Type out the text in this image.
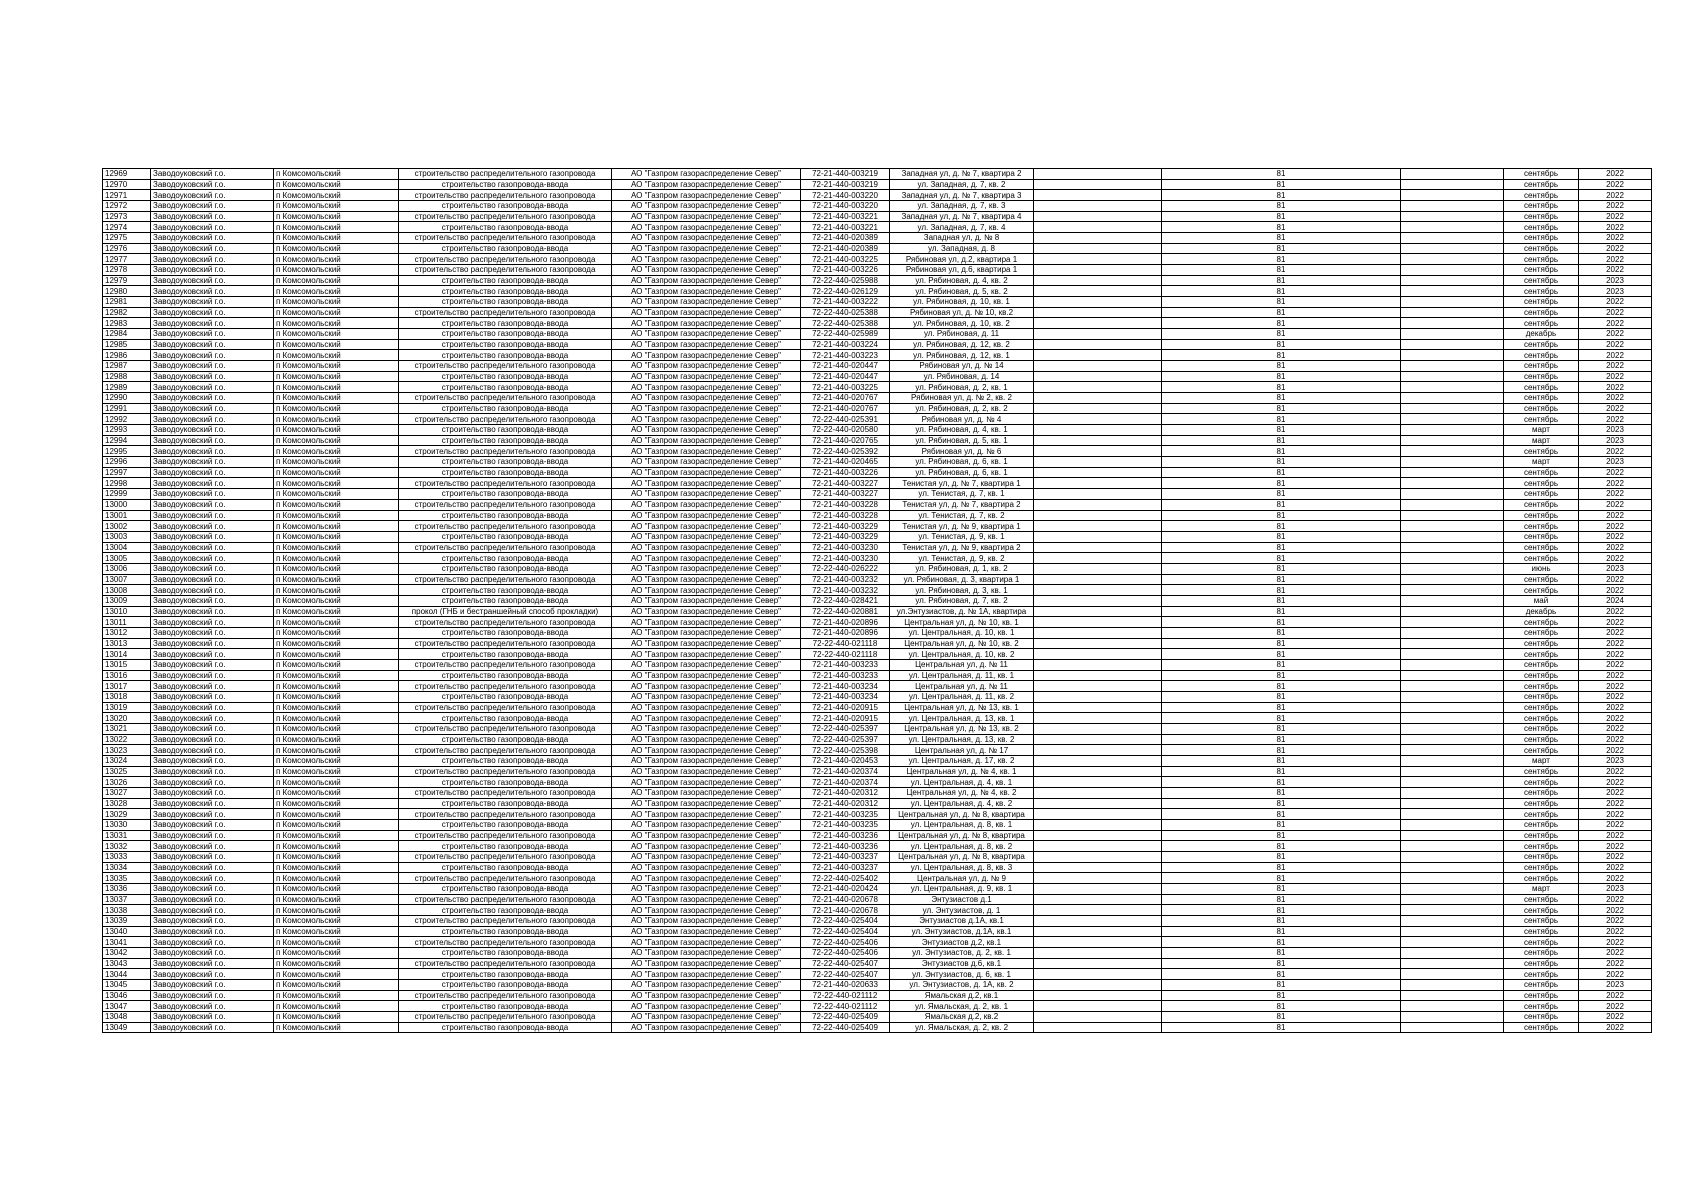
12969	Заводоуковский г.о.	п Комсомольский	строительство распределительного газопровода	АО "Газпром газораспределение Север"	72-21-440-003219	Западная ул, д. № 7, квартира 2		81		сентябрь	2022
12970	Заводоуковский г.о.	п Комсомольский	строительство газопровода-ввода	АО "Газпром газораспределение Север"	72-21-440-003219	ул. Западная, д. 7, кв. 2		81		сентябрь	2022
12971	Заводоуковский г.о.	п Комсомольский	строительство распределительного газопровода	АО "Газпром газораспределение Север"	72-21-440-003220	Западная ул, д. № 7, квартира 3		81		сентябрь	2022
12972	Заводоуковский г.о.	п Комсомольский	строительство газопровода-ввода	АО "Газпром газораспределение Север"	72-21-440-003220	ул. Западная, д. 7, кв. 3		81		сентябрь	2022
12973	Заводоуковский г.о.	п Комсомольский	строительство распределительного газопровода	АО "Газпром газораспределение Север"	72-21-440-003221	Западная ул, д. № 7, квартира 4		81		сентябрь	2022
12974	Заводоуковский г.о.	п Комсомольский	строительство газопровода-ввода	АО "Газпром газораспределение Север"	72-21-440-003221	ул. Западная, д. 7, кв. 4		81		сентябрь	2022
12975	Заводоуковский г.о.	п Комсомольский	строительство распределительного газопровода	АО "Газпром газораспределение Север"	72-21-440-020389	Западная ул, д. № 8		81		сентябрь	2022
12976	Заводоуковский г.о.	п Комсомольский	строительство газопровода-ввода	АО "Газпром газораспределение Север"	72-21-440-020389	ул. Западная, д. 8		81		сентябрь	2022
12977	Заводоуковский г.о.	п Комсомольский	строительство распределительного газопровода	АО "Газпром газораспределение Север"	72-21-440-003225	Рябиновая ул, д.2, квартира 1		81		сентябрь	2022
12978	Заводоуковский г.о.	п Комсомольский	строительство распределительного газопровода	АО "Газпром газораспределение Север"	72-21-440-003226	Рябиновая ул, д.6, квартира 1		81		сентябрь	2022
12979	Заводоуковский г.о.	п Комсомольский	строительство газопровода-ввода	АО "Газпром газораспределение Север"	72-22-440-025988	ул. Рябиновая, д. 4, кв. 2		81		сентябрь	2023
12980	Заводоуковский г.о.	п Комсомольский	строительство газопровода-ввода	АО "Газпром газораспределение Север"	72-22-440-026129	ул. Рябиновая, д. 5, кв. 2		81		сентябрь	2023
12981	Заводоуковский г.о.	п Комсомольский	строительство газопровода-ввода	АО "Газпром газораспределение Север"	72-21-440-003222	ул. Рябиновая, д. 10, кв. 1		81		сентябрь	2022
12982	Заводоуковский г.о.	п Комсомольский	строительство распределительного газопровода	АО "Газпром газораспределение Север"	72-22-440-025388	Рябиновая ул, д. № 10, кв.2		81		сентябрь	2022
12983	Заводоуковский г.о.	п Комсомольский	строительство газопровода-ввода	АО "Газпром газораспределение Север"	72-22-440-025388	ул. Рябиновая, д. 10, кв. 2		81		сентябрь	2022
12984	Заводоуковский г.о.	п Комсомольский	строительство газопровода-ввода	АО "Газпром газораспределение Север"	72-22-440-025989	ул. Рябиновая, д. 11		81		декабрь	2022
12985	Заводоуковский г.о.	п Комсомольский	строительство газопровода-ввода	АО "Газпром газораспределение Север"	72-21-440-003224	ул. Рябиновая, д. 12, кв. 2		81		сентябрь	2022
12986	Заводоуковский г.о.	п Комсомольский	строительство газопровода-ввода	АО "Газпром газораспределение Север"	72-21-440-003223	ул. Рябиновая, д. 12, кв. 1		81		сентябрь	2022
12987	Заводоуковский г.о.	п Комсомольский	строительство распределительного газопровода	АО "Газпром газораспределение Север"	72-21-440-020447	Рябиновая ул, д. № 14		81		сентябрь	2022
12988	Заводоуковский г.о.	п Комсомольский	строительство газопровода-ввода	АО "Газпром газораспределение Север"	72-21-440-020447	ул. Рябиновая, д. 14		81		сентябрь	2022
12989	Заводоуковский г.о.	п Комсомольский	строительство газопровода-ввода	АО "Газпром газораспределение Север"	72-21-440-003225	ул. Рябиновая, д. 2, кв. 1		81		сентябрь	2022
12990	Заводоуковский г.о.	п Комсомольский	строительство распределительного газопровода	АО "Газпром газораспределение Север"	72-21-440-020767	Рябиновая ул, д. № 2, кв. 2		81		сентябрь	2022
12991	Заводоуковский г.о.	п Комсомольский	строительство газопровода-ввода	АО "Газпром газораспределение Север"	72-21-440-020767	ул. Рябиновая, д. 2, кв. 2		81		сентябрь	2022
12992	Заводоуковский г.о.	п Комсомольский	строительство распределительного газопровода	АО "Газпром газораспределение Север"	72-22-440-025391	Рябиновая ул, д. № 4		81		сентябрь	2022
12993	Заводоуковский г.о.	п Комсомольский	строительство газопровода-ввода	АО "Газпром газораспределение Север"	72-22-440-020580	ул. Рябиновая, д. 4, кв. 1		81		март	2023
12994	Заводоуковский г.о.	п Комсомольский	строительство газопровода-ввода	АО "Газпром газораспределение Север"	72-21-440-020765	ул. Рябиновая, д. 5, кв. 1		81		март	2023
12995	Заводоуковский г.о.	п Комсомольский	строительство распределительного газопровода	АО "Газпром газораспределение Север"	72-22-440-025392	Рябиновая ул, д. № 6		81		сентябрь	2022
12996	Заводоуковский г.о.	п Комсомольский	строительство газопровода-ввода	АО "Газпром газораспределение Север"	72-21-440-020465	ул. Рябиновая, д. 6, кв. 1		81		март	2023
12997	Заводоуковский г.о.	п Комсомольский	строительство газопровода-ввода	АО "Газпром газораспределение Север"	72-21-440-003226	ул. Рябиновая, д. 6, кв. 1		81		сентябрь	2022
12998	Заводоуковский г.о.	п Комсомольский	строительство распределительного газопровода	АО "Газпром газораспределение Север"	72-21-440-003227	Тенистая ул, д. № 7, квартира 1		81		сентябрь	2022
12999	Заводоуковский г.о.	п Комсомольский	строительство газопровода-ввода	АО "Газпром газораспределение Север"	72-21-440-003227	ул. Тенистая, д. 7, кв. 1		81		сентябрь	2022
13000	Заводоуковский г.о.	п Комсомольский	строительство распределительного газопровода	АО "Газпром газораспределение Север"	72-21-440-003228	Тенистая ул, д. № 7, квартира 2		81		сентябрь	2022
13001	Заводоуковский г.о.	п Комсомольский	строительство газопровода-ввода	АО "Газпром газораспределение Север"	72-21-440-003228	ул. Тенистая, д. 7, кв. 2		81		сентябрь	2022
13002	Заводоуковский г.о.	п Комсомольский	строительство распределительного газопровода	АО "Газпром газораспределение Север"	72-21-440-003229	Тенистая ул, д. № 9, квартира 1		81		сентябрь	2022
13003	Заводоуковский г.о.	п Комсомольский	строительство газопровода-ввода	АО "Газпром газораспределение Север"	72-21-440-003229	ул. Тенистая, д. 9, кв. 1		81		сентябрь	2022
13004	Заводоуковский г.о.	п Комсомольский	строительство распределительного газопровода	АО "Газпром газораспределение Север"	72-21-440-003230	Тенистая ул, д. № 9, квартира 2		81		сентябрь	2022
13005	Заводоуковский г.о.	п Комсомольский	строительство газопровода-ввода	АО "Газпром газораспределение Север"	72-21-440-003230	ул. Тенистая, д. 9, кв. 2		81		сентябрь	2022
13006	Заводоуковский г.о.	п Комсомольский	строительство газопровода-ввода	АО "Газпром газораспределение Север"	72-22-440-026222	ул. Рябиновая, д. 1, кв. 2		81		июнь	2023
13007	Заводоуковский г.о.	п Комсомольский	строительство распределительного газопровода	АО "Газпром газораспределение Север"	72-21-440-003232	ул. Рябиновая, д. 3, квартира 1		81		сентябрь	2022
13008	Заводоуковский г.о.	п Комсомольский	строительство газопровода-ввода	АО "Газпром газораспределение Север"	72-21-440-003232	ул. Рябиновая, д. 3, кв. 1		81		сентябрь	2022
13009	Заводоуковский г.о.	п Комсомольский	строительство газопровода-ввода	АО "Газпром газораспределение Север"	72-22-440-028421	ул. Рябиновая, д. 7, кв. 2		81		май	2024
13010	Заводоуковский г.о.	п Комсомольский	прокол (ГНБ и бестраншейный способ прокладки)	АО "Газпром газораспределение Север"	72-22-440-020881	ул.Энтузиастов, д. № 1А, квартира		81		декабрь	2022
13011	Заводоуковский г.о.	п Комсомольский	строительство распределительного газопровода	АО "Газпром газораспределение Север"	72-21-440-020896	Центральная ул, д. № 10, кв. 1		81		сентябрь	2022
13012	Заводоуковский г.о.	п Комсомольский	строительство газопровода-ввода	АО "Газпром газораспределение Север"	72-21-440-020896	ул. Центральная, д. 10, кв. 1		81		сентябрь	2022
13013	Заводоуковский г.о.	п Комсомольский	строительство распределительного газопровода	АО "Газпром газораспределение Север"	72-22-440-021118	Центральная ул, д. № 10, кв. 2		81		сентябрь	2022
13014	Заводоуковский г.о.	п Комсомольский	строительство газопровода-ввода	АО "Газпром газораспределение Север"	72-22-440-021118	ул. Центральная, д. 10, кв. 2		81		сентябрь	2022
13015	Заводоуковский г.о.	п Комсомольский	строительство распределительного газопровода	АО "Газпром газораспределение Север"	72-21-440-003233	Центральная ул, д. № 11		81		сентябрь	2022
13016	Заводоуковский г.о.	п Комсомольский	строительство газопровода-ввода	АО "Газпром газораспределение Север"	72-21-440-003233	ул. Центральная, д. 11, кв. 1		81		сентябрь	2022
13017	Заводоуковский г.о.	п Комсомольский	строительство распределительного газопровода	АО "Газпром газораспределение Север"	72-21-440-003234	Центральная ул, д. № 11		81		сентябрь	2022
13018	Заводоуковский г.о.	п Комсомольский	строительство газопровода-ввода	АО "Газпром газораспределение Север"	72-21-440-003234	ул. Центральная, д. 11, кв. 2		81		сентябрь	2022
13019	Заводоуковский г.о.	п Комсомольский	строительство распределительного газопровода	АО "Газпром газораспределение Север"	72-21-440-020915	Центральная ул, д. № 13, кв. 1		81		сентябрь	2022
13020	Заводоуковский г.о.	п Комсомольский	строительство газопровода-ввода	АО "Газпром газораспределение Север"	72-21-440-020915	ул. Центральная, д. 13, кв. 1		81		сентябрь	2022
13021	Заводоуковский г.о.	п Комсомольский	строительство распределительного газопровода	АО "Газпром газораспределение Север"	72-22-440-025397	Центральная ул, д. № 13, кв. 2		81		сентябрь	2022
13022	Заводоуковский г.о.	п Комсомольский	строительство газопровода-ввода	АО "Газпром газораспределение Север"	72-22-440-025397	ул. Центральная, д. 13, кв. 2		81		сентябрь	2022
13023	Заводоуковский г.о.	п Комсомольский	строительство распределительного газопровода	АО "Газпром газораспределение Север"	72-22-440-025398	Центральная ул, д. № 17		81		сентябрь	2022
13024	Заводоуковский г.о.	п Комсомольский	строительство газопровода-ввода	АО "Газпром газораспределение Север"	72-21-440-020453	ул. Центральная, д. 17, кв. 2		81		март	2023
13025	Заводоуковский г.о.	п Комсомольский	строительство распределительного газопровода	АО "Газпром газораспределение Север"	72-21-440-020374	Центральная ул, д. № 4, кв. 1		81		сентябрь	2022
13026	Заводоуковский г.о.	п Комсомольский	строительство газопровода-ввода	АО "Газпром газораспределение Север"	72-21-440-020374	ул. Центральная, д. 4, кв. 1		81		сентябрь	2022
13027	Заводоуковский г.о.	п Комсомольский	строительство распределительного газопровода	АО "Газпром газораспределение Север"	72-21-440-020312	Центральная ул, д. № 4, кв. 2		81		сентябрь	2022
13028	Заводоуковский г.о.	п Комсомольский	строительство газопровода-ввода	АО "Газпром газораспределение Север"	72-21-440-020312	ул. Центральная, д. 4, кв. 2		81		сентябрь	2022
13029	Заводоуковский г.о.	п Комсомольский	строительство распределительного газопровода	АО "Газпром газораспределение Север"	72-21-440-003235	Центральная ул, д. № 8, квартира		81		сентябрь	2022
13030	Заводоуковский г.о.	п Комсомольский	строительство газопровода-ввода	АО "Газпром газораспределение Север"	72-21-440-003235	ул. Центральная, д. 8, кв. 1		81		сентябрь	2022
13031	Заводоуковский г.о.	п Комсомольский	строительство распределительного газопровода	АО "Газпром газораспределение Север"	72-21-440-003236	Центральная ул, д. № 8, квартира		81		сентябрь	2022
13032	Заводоуковский г.о.	п Комсомольский	строительство газопровода-ввода	АО "Газпром газораспределение Север"	72-21-440-003236	ул. Центральная, д. 8, кв. 2		81		сентябрь	2022
13033	Заводоуковский г.о.	п Комсомольский	строительство распределительного газопровода	АО "Газпром газораспределение Север"	72-21-440-003237	Центральная ул, д. № 8, квартира		81		сентябрь	2022
13034	Заводоуковский г.о.	п Комсомольский	строительство газопровода-ввода	АО "Газпром газораспределение Север"	72-21-440-003237	ул. Центральная, д. 8, кв. 3		81		сентябрь	2022
13035	Заводоуковский г.о.	п Комсомольский	строительство распределительного газопровода	АО "Газпром газораспределение Север"	72-22-440-025402	Центральная ул, д. № 9		81		сентябрь	2022
13036	Заводоуковский г.о.	п Комсомольский	строительство газопровода-ввода	АО "Газпром газораспределение Север"	72-21-440-020424	ул. Центральная, д. 9, кв. 1		81		март	2023
13037	Заводоуковский г.о.	п Комсомольский	строительство распределительного газопровода	АО "Газпром газораспределение Север"	72-21-440-020678	Энтузиастов д.1		81		сентябрь	2022
13038	Заводоуковский г.о.	п Комсомольский	строительство газопровода-ввода	АО "Газпром газораспределение Север"	72-21-440-020678	ул. Энтузиастов, д. 1		81		сентябрь	2022
13039	Заводоуковский г.о.	п Комсомольский	строительство распределительного газопровода	АО "Газпром газораспределение Север"	72-22-440-025404	Энтузиастов д.1А, кв.1		81		сентябрь	2022
13040	Заводоуковский г.о.	п Комсомольский	строительство газопровода-ввода	АО "Газпром газораспределение Север"	72-22-440-025404	ул. Энтузиастов, д.1А, кв.1		81		сентябрь	2022
13041	Заводоуковский г.о.	п Комсомольский	строительство распределительного газопровода	АО "Газпром газораспределение Север"	72-22-440-025406	Энтузиастов д.2, кв.1		81		сентябрь	2022
13042	Заводоуковский г.о.	п Комсомольский	строительство газопровода-ввода	АО "Газпром газораспределение Север"	72-22-440-025406	ул. Энтузиастов, д. 2, кв. 1		81		сентябрь	2022
13043	Заводоуковский г.о.	п Комсомольский	строительство распределительного газопровода	АО "Газпром газораспределение Север"	72-22-440-025407	Энтузиастов д.6, кв.1		81		сентябрь	2022
13044	Заводоуковский г.о.	п Комсомольский	строительство газопровода-ввода	АО "Газпром газораспределение Север"	72-22-440-025407	ул. Энтузиастов, д. 6, кв. 1		81		сентябрь	2022
13045	Заводоуковский г.о.	п Комсомольский	строительство газопровода-ввода	АО "Газпром газораспределение Север"	72-21-440-020633	ул. Энтузиастов, д. 1А, кв. 2		81		сентябрь	2023
13046	Заводоуковский г.о.	п Комсомольский	строительство распределительного газопровода	АО "Газпром газораспределение Север"	72-22-440-021112	Ямальская д.2, кв.1		81		сентябрь	2022
13047	Заводоуковский г.о.	п Комсомольский	строительство газопровода-ввода	АО "Газпром газораспределение Север"	72-22-440-021112	ул. Ямальская, д. 2, кв. 1		81		сентябрь	2022
13048	Заводоуковский г.о.	п Комсомольский	строительство распределительного газопровода	АО "Газпром газораспределение Север"	72-22-440-025409	Ямальская д.2, кв.2		81		сентябрь	2022
13049	Заводоуковский г.о.	п Комсомольский	строительство газопровода-ввода	АО "Газпром газораспределение Север"	72-22-440-025409	ул. Ямальская, д. 2, кв. 2		81		сентябрь	2022
